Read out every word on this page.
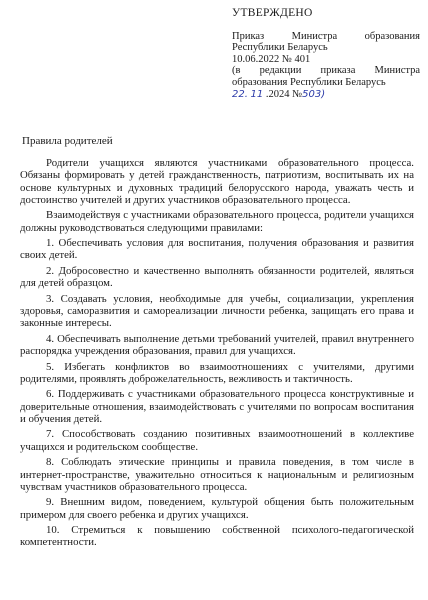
УТВЕРЖДЕНО
Приказ Министра образования
Республики Беларусь
10.06.2022 № 401
(в редакции приказа Министра
образования Республики Беларусь
22. 11 .2024 №503)
Правила родителей

Родители учащихся являются участниками образовательного процесса. Обязаны формировать у детей гражданственность, патриотизм, воспитывать их на основе культурных и духовных традиций белорусского народа, уважать честь и достоинство учителей и других участников образовательного процесса.

Взаимодействуя с участниками образовательного процесса, родители учащихся должны руководствоваться следующими правилами:

1. Обеспечивать условия для воспитания, получения образования и развития своих детей.

2. Добросовестно и качественно выполнять обязанности родителей, являться для детей образцом.

3. Создавать условия, необходимые для учебы, социализации, укрепления здоровья, саморазвития и самореализации личности ребенка, защищать его права и законные интересы.

4. Обеспечивать выполнение детьми требований учителей, правил внутреннего распорядка учреждения образования, правил для учащихся.

5. Избегать конфликтов во взаимоотношениях с учителями, другими родителями, проявлять доброжелательность, вежливость и тактичность.

6. Поддерживать с участниками образовательного процесса конструктивные и доверительные отношения, взаимодействовать с учителями по вопросам воспитания и обучения детей.

7. Способствовать созданию позитивных взаимоотношений в коллективе учащихся и родительском сообществе.

8. Соблюдать этические принципы и правила поведения, в том числе в интернет-пространстве, уважительно относиться к национальным и религиозным чувствам участников образовательного процесса.

9. Внешним видом, поведением, культурой общения быть положительным примером для своего ребенка и других учащихся.

10. Стремиться к повышению собственной психолого-педагогической компетентности.
